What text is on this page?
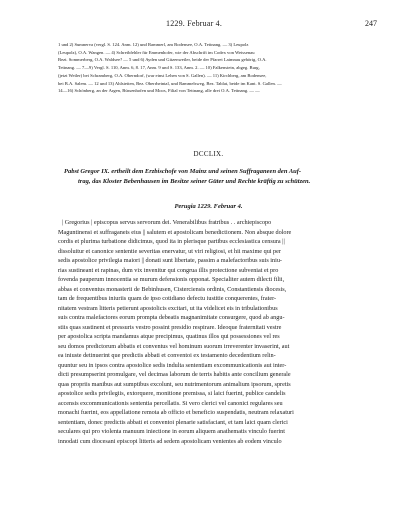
1229. Februar 4.	247
1 und 2) Sumnerva (vergl. S. 124. Anm. 12) und Rammerl, am Bodensee, O.A. Tettnang. — 3) Leupolz
(Leupolz), O.A. Wangen. — 4) Schreibfehler für Emmenhofer, wie der Abschrift im Codex von Weissenau
Bezt. Sommerberg, O.A. Waldsee? — 5 und 6) Ayden und Gitzenweiler, beide der Pfarrei Laimnau gehörig, O.A.
Tettnang. — 7—9) Vergl. S. 110, Anm. 6, 8. 17, Anm. 9 und S. 133, Anm. 2. — 10) Falkenstein, abgeg. Burg,
(jetzt Weiler) bei Schramberg, O.A. Oberndorf, (war einst Lehen von S. Gallen). — 11) Kirchberg, am Bodensee,
bei B.A. Salem. — 12 und 13) Ahlsteiten, Bez. Oberrheintal, und Rammelsweg, Bez. Tablat, beide im Kant. S. Gallen. —
14—16) Schönberg, an der Argen, Büssenhofen und Moos, Filial von Tettnang, alle drei O.A. Tettnang. — —
DCCLIX.
Pabst Gregor IX. ertheilt dem Erzbischofe von Mainz und seinen Suffraganeen den Auf-
trag, das Kloster Bebenhausen im Besitze seiner Güter und Rechte kräftig zu schützen.
Perugia 1229. Februar 4.
| Gregorius | episcopus servus servorum dei. Venerabilibus fratribus . . archiepiscopo
Maguntinensi et suffraganeis eius || salutem et apostolicam benedictionem. Non absque dolore
cordis et plurima turbatione didicimus, quod ita in plerisque partibus ecclesiastica censura ||
dissoluitur et canonice sententie severitas enervatur, ut viri religiosi, et hii maxime qui per
sedis apostolice privilegia maiori || donati sunt libertate, passim a malefactoribus suis iniu-
rias sustineant et rapinas, dum vix invenitur qui congrua illis protectione subveniat et pro
fovenda pauperum innocentia se murum defensionis opponat. Specialiter autem dilecti filii,
abbas et conventus monasterii de Bebinhusen, Cisterciensis ordinis, Constantiensis diocesis,
tam de frequentibus iniuriis quam de ipso cotidiano defectu iustitie conquerentes, frater-
nitatem vestram litteris petierunt apostolicis excitari, ut ita videlicet eis in tribulationibus
suis contra malefactores eorum prompta debeatis magnanimitate consurgere, quod ab angu-
stiis quas sustinent et pressuris vestro possint presidio respirare. Ideoque fraternitati vestre
per apostolica scripta mandamus atque precipimus, quatinus illos qui possessiones vel res
seu domos predictorum abbatis et conventus vel hominum suorum irreverenter invaserint, aut
ea iniuste detinuerint que predictis abbati et conventoi ex testamento decedentium relin-
quuntur seu in ipsos contra apostolice sedis indulta sententiam excommunicationis aut inter-
dicti presumpserint promulgare, vel decimas laborum de terris habitis ante concilium generale
quas propriis manibus aut sumptibus excolunt, seu nutrimentorum animalium ipsorum, spretis
apostolice sedis privilegiis, extorquere, monitione premissa, si laici fuerint, publice candelis
accensis excommunicationis sententia percellatis. Si vero clerici vel canonici regulares seu
monachi fuerint, eos appellatione remota ab officio et beneficio suspendatis, neutram relaxaturi
sententiam, donec predictis abbati et conventoi plenarie satisfaciant, et tam laici quam clerici
seculares qui pro violenta manuum iniectione in eorum aliquem anathematis vinculo fuerint
innodati cum diocesani episcopi litteris ad sedem apostolicam venientes ab eodem vinculo
